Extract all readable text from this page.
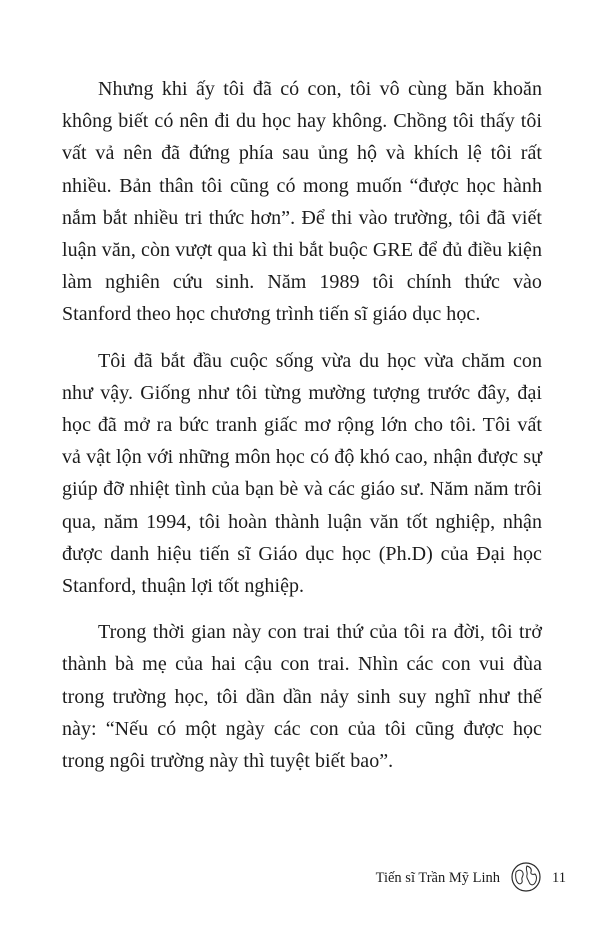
Nhưng khi ấy tôi đã có con, tôi vô cùng băn khoăn không biết có nên đi du học hay không. Chồng tôi thấy tôi vất vả nên đã đứng phía sau ủng hộ và khích lệ tôi rất nhiều. Bản thân tôi cũng có mong muốn “được học hành nắm bắt nhiều tri thức hơn”. Để thi vào trường, tôi đã viết luận văn, còn vượt qua kì thi bắt buộc GRE để đủ điều kiện làm nghiên cứu sinh. Năm 1989 tôi chính thức vào Stanford theo học chương trình tiến sĩ giáo dục học.

Tôi đã bắt đầu cuộc sống vừa du học vừa chăm con như vậy. Giống như tôi từng mường tượng trước đây, đại học đã mở ra bức tranh giấc mơ rộng lớn cho tôi. Tôi vất vả vật lộn với những môn học có độ khó cao, nhận được sự giúp đỡ nhiệt tình của bạn bè và các giáo sư. Năm năm trôi qua, năm 1994, tôi hoàn thành luận văn tốt nghiệp, nhận được danh hiệu tiến sĩ Giáo dục học (Ph.D) của Đại học Stanford, thuận lợi tốt nghiệp.

Trong thời gian này con trai thứ của tôi ra đời, tôi trở thành bà mẹ của hai cậu con trai. Nhìn các con vui đùa trong trường học, tôi dần dần nảy sinh suy nghĩ như thế này: “Nếu có một ngày các con của tôi cũng được học trong ngôi trường này thì tuyệt biết bao”.

Tiến sĩ Trần Mỹ Linh	11
